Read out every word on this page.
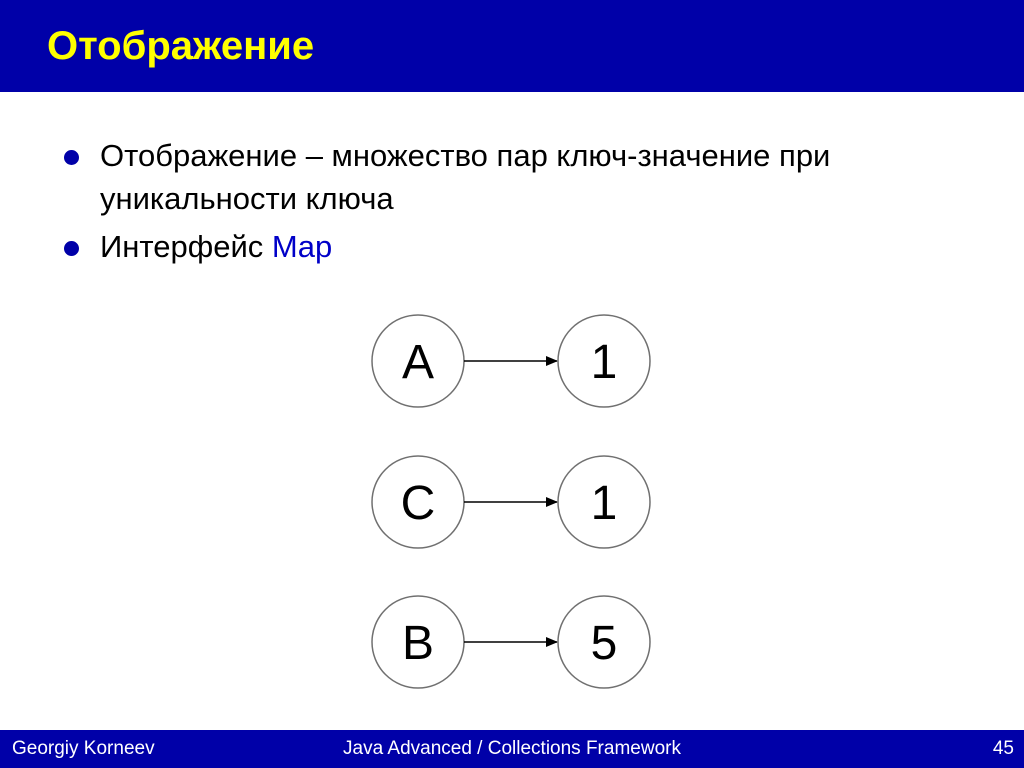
Отображение
Отображение – множество пар ключ-значение при уникальности ключа
Интерфейс Map
A	1
C	1
B	5
Java Advanced / Collections Framework
Georgiy Korneev	45
